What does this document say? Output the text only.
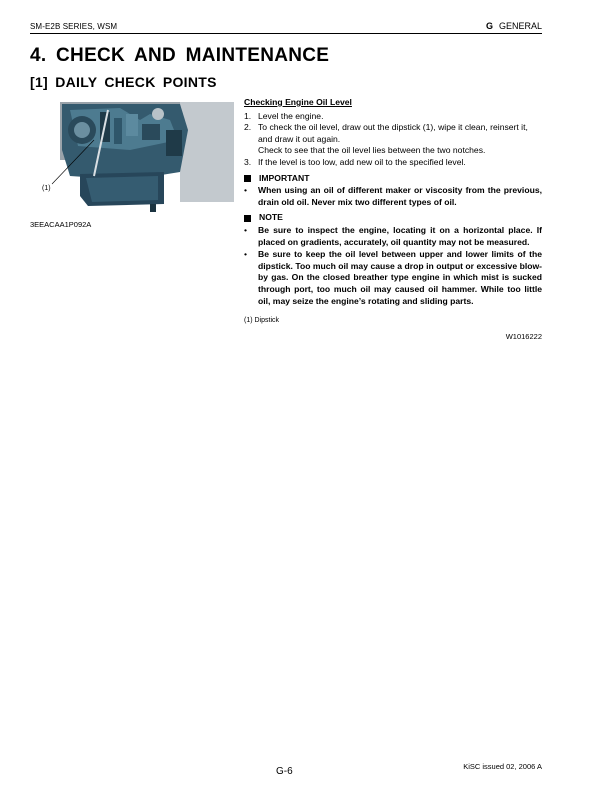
SM-E2B SERIES, WSM	G GENERAL
4. CHECK AND MAINTENANCE
[1] DAILY CHECK POINTS
(1)
3EEACAA1P092A
Checking Engine Oil Level
1. Level the engine.
2. To check the oil level, draw out the dipstick (1), wipe it clean, reinsert it, and draw it out again.
Check to see that the oil level lies between the two notches.
3. If the level is too low, add new oil to the specified level.
IMPORTANT
•	When using an oil of different maker or viscosity from the previous, drain old oil. Never mix two different types of oil.
NOTE
•	Be sure to inspect the engine, locating it on a horizontal place. If placed on gradients, accurately, oil quantity may not be measured.
•	Be sure to keep the oil level between upper and lower limits of the dipstick. Too much oil may cause a drop in output or excessive blow-by gas. On the closed breather type engine in which mist is sucked through port, too much oil may caused oil hammer. While too little oil, may seize the engine’s rotating and sliding parts.
(1) Dipstick
W1016222
G-6	KiSC issued 02, 2006 A
